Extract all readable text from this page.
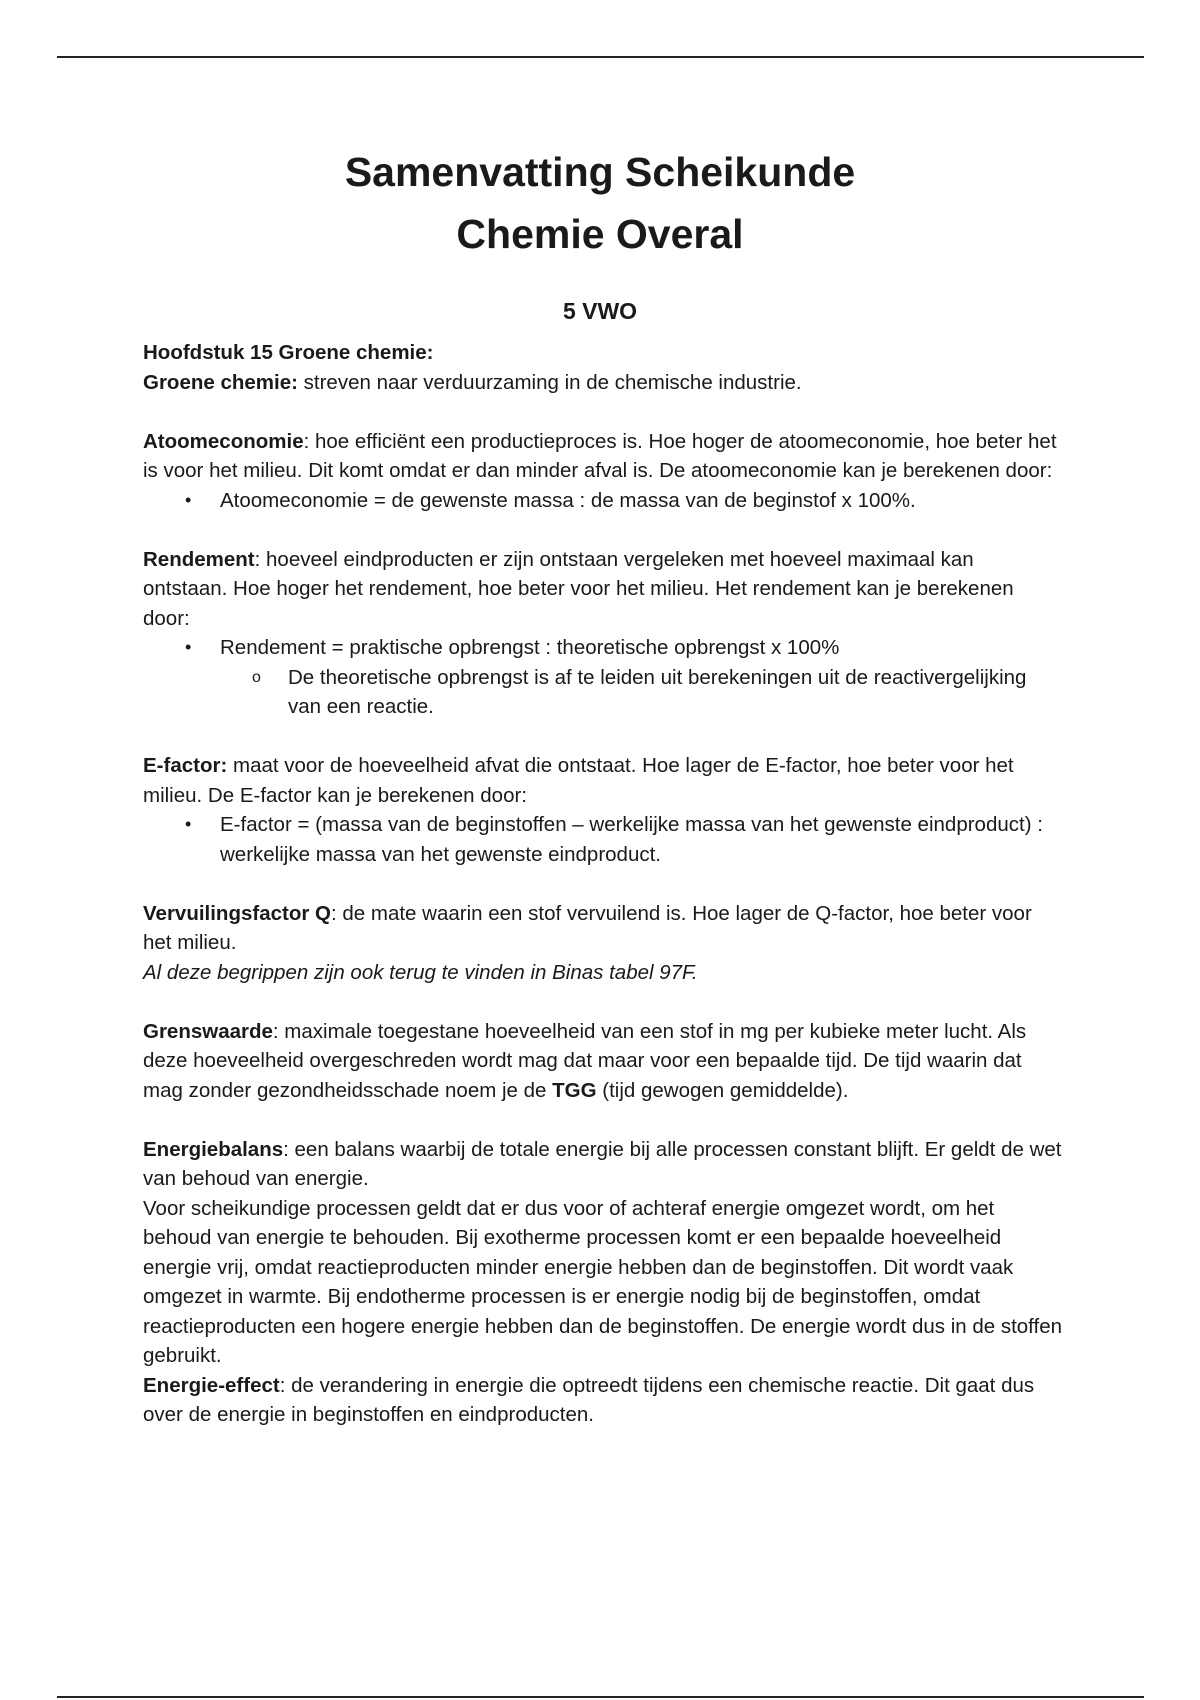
Samenvatting Scheikunde
Chemie Overal

5 VWO

Hoofdstuk 15 Groene chemie:

Groene chemie: streven naar verduurzaming in de chemische industrie.

Atoomeconomie: hoe efficiënt een productieproces is. Hoe hoger de atoomeconomie, hoe beter het is voor het milieu. Dit komt omdat er dan minder afval is. De atoomeconomie kan je berekenen door:

• Atoomeconomie = de gewenste massa : de massa van de beginstof x 100%.

Rendement: hoeveel eindproducten er zijn ontstaan vergeleken met hoeveel maximaal kan ontstaan. Hoe hoger het rendement, hoe beter voor het milieu. Het rendement kan je berekenen door:

• Rendement = praktische opbrengst : theoretische opbrengst x 100%
o De theoretische opbrengst is af te leiden uit berekeningen uit de reactivergelijking van een reactie.

E-factor: maat voor de hoeveelheid afvat die ontstaat. Hoe lager de E-factor, hoe beter voor het milieu. De E-factor kan je berekenen door:

• E-factor = (massa van de beginstoffen – werkelijke massa van het gewenste eindproduct) : werkelijke massa van het gewenste eindproduct.

Vervuilingsfactor Q: de mate waarin een stof vervuilend is. Hoe lager de Q-factor, hoe beter voor het milieu.

Al deze begrippen zijn ook terug te vinden in Binas tabel 97F.

Grenswaarde: maximale toegestane hoeveelheid van een stof in mg per kubieke meter lucht. Als deze hoeveelheid overgeschreden wordt mag dat maar voor een bepaalde tijd. De tijd waarin dat mag zonder gezondheidsschade noem je de TGG (tijd gewogen gemiddelde).

Energiebalans: een balans waarbij de totale energie bij alle processen constant blijft. Er geldt de wet van behoud van energie.

Voor scheikundige processen geldt dat er dus voor of achteraf energie omgezet wordt, om het behoud van energie te behouden. Bij exotherme processen komt er een bepaalde hoeveelheid energie vrij, omdat reactieproducten minder energie hebben dan de beginstoffen. Dit wordt vaak omgezet in warmte. Bij endotherme processen is er energie nodig bij de beginstoffen, omdat reactieproducten een hogere energie hebben dan de beginstoffen. De energie wordt dus in de stoffen gebruikt.

Energie-effect: de verandering in energie die optreedt tijdens een chemische reactie. Dit gaat dus over de energie in beginstoffen en eindproducten.
